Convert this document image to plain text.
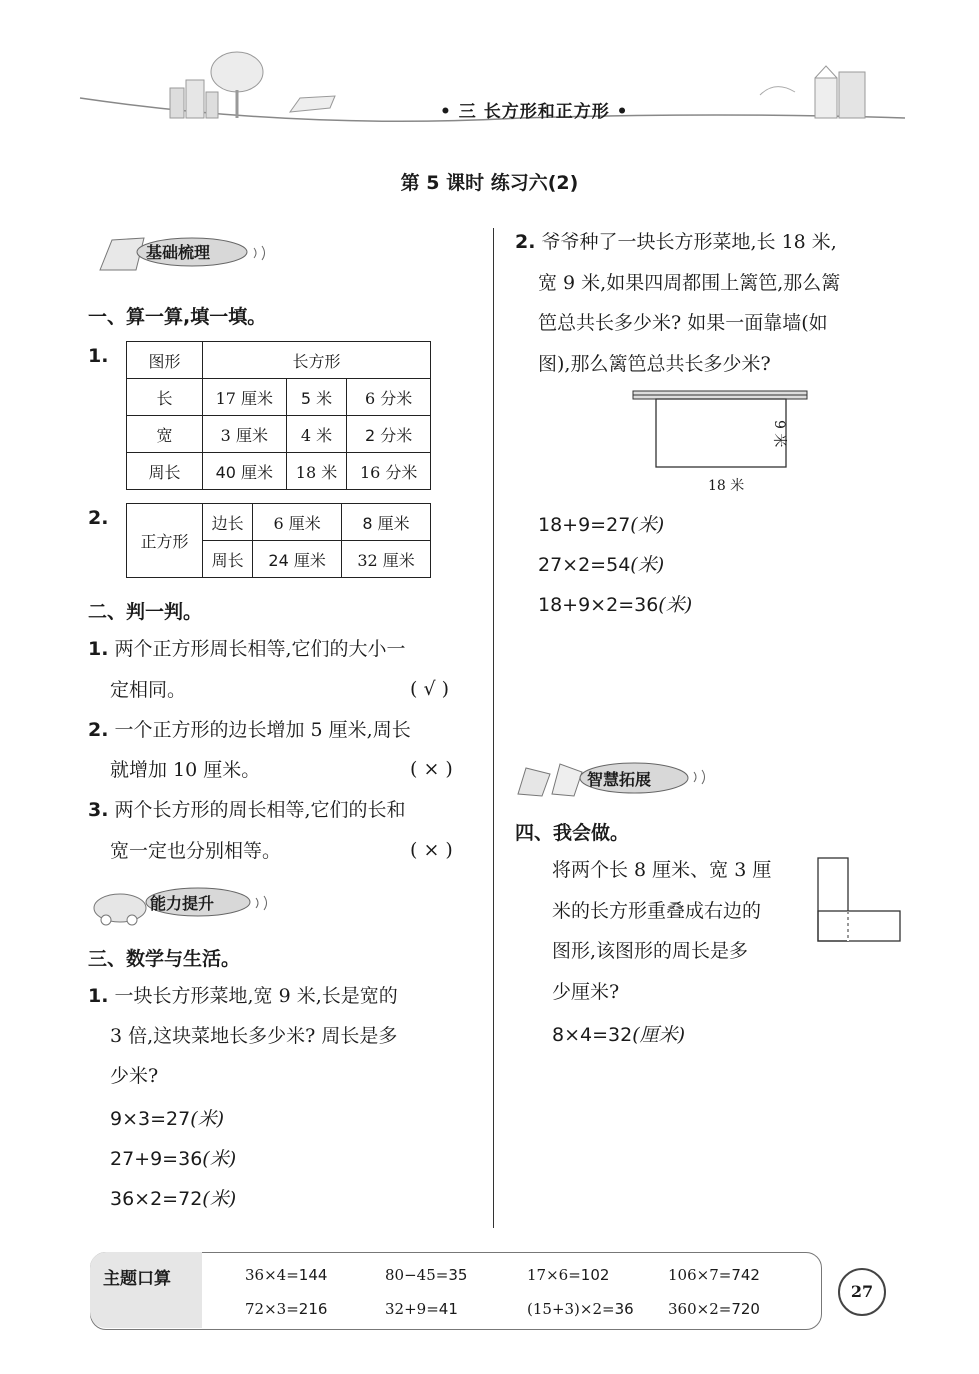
• 三 长方形和正方形 •
第 5 课时 练习六(2)
基础梳理
一、算一算,填一填。
1.	图形	长方形		
长	17 厘米	5 米	6 分米
宽	3 厘米	4 米	2 分米
周长	40 厘米	18 米	16 分米
2.
正方形	边长	6 厘米	8 厘米
	周长	24 厘米	32 厘米
二、判一判。
1. 两个正方形周长相等,它们的大小一
定相同。	( √ )
2. 一个正方形的边长增加 5 厘米,周长
就增加 10 厘米。	( × )
3. 两个长方形的周长相等,它们的长和
宽一定也分别相等。	( × )
能力提升
三、数学与生活。
1. 一块长方形菜地,宽 9 米,长是宽的
3 倍,这块菜地长多少米? 周长是多
少米?
9×3=27(米)
27+9=36(米)
36×2=72(米)
2. 爷爷种了一块长方形菜地,长 18 米,
宽 9 米,如果四周都围上篱笆,那么篱
笆总共长多少米? 如果一面靠墙(如
图),那么篱笆总共长多少米?
9 米
18 米
18+9=27(米)
27×2=54(米)
18+9×2=36(米)
智慧拓展
四、我会做。
将两个长 8 厘米、宽 3 厘
米的长方形重叠成右边的
图形,该图形的周长是多
少厘米?
8×4=32(厘米)
主题口算	36×4=144	80−45=35	17×6=102	106×7=742
72×3=216	32+9=41	(15+3)×2=36 360×2=720
27
